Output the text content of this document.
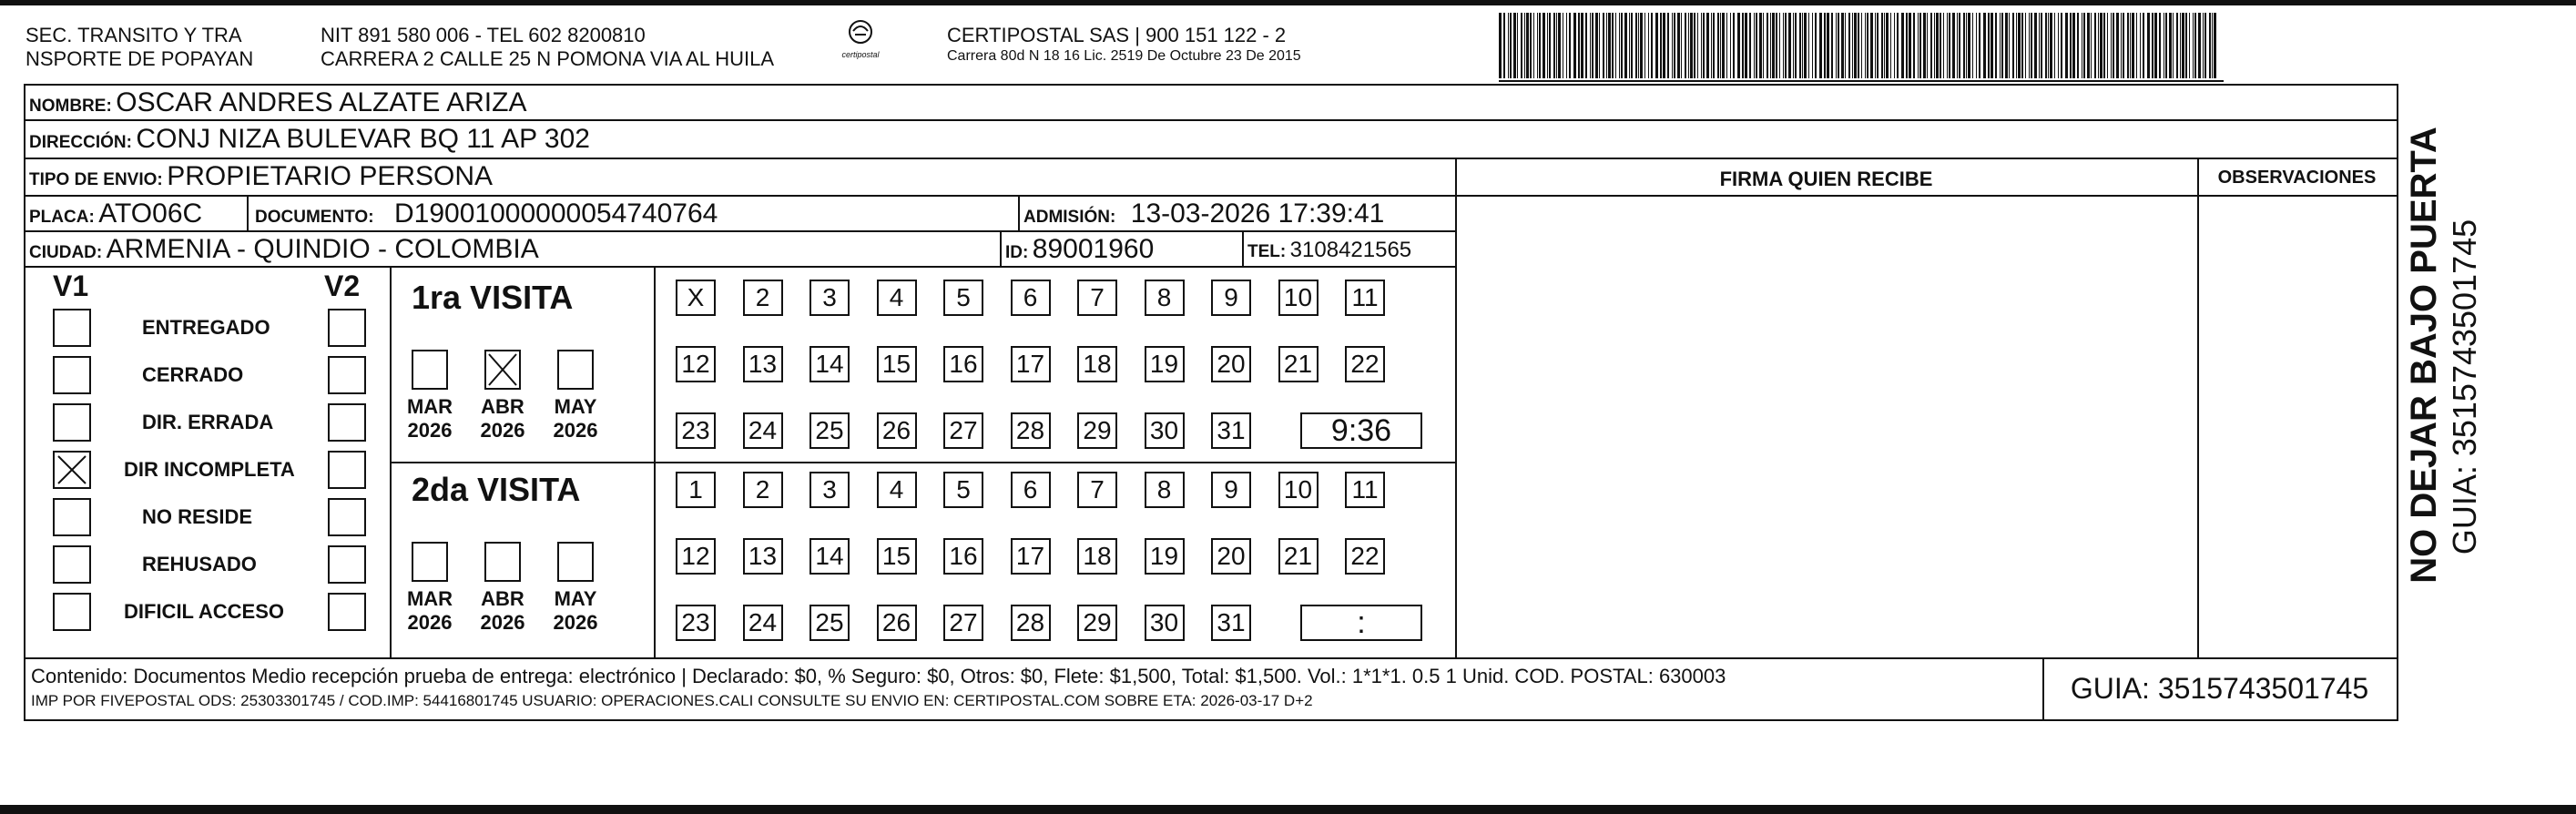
SEC. TRANSITO Y TRA
NSPORTE DE POPAYAN
NIT 891 580 006 - TEL 602 8200810
CARRERA 2 CALLE 25 N POMONA VIA AL HUILA	certipostal
CERTIPOSTAL SAS | 900 151 122 - 2
Carrera 80d N 18 16 Lic. 2519 De Octubre 23 De 2015
NOMBRE: OSCAR ANDRES ALZATE ARIZA
DIRECCIÓN: CONJ NIZA BULEVAR BQ 11 AP 302
TIPO DE ENVIO: PROPIETARIO PERSONA	FIRMA QUIEN RECIBE	OBSERVACIONES
PLACA: ATO06C	DOCUMENTO: D19001000000054740764	ADMISIÓN: 13-03-2026 17:39:41
CIUDAD: ARMENIA - QUINDIO - COLOMBIA	ID: 89001960	TEL: 3108421565
V1	V2
ENTREGADO
CERRADO
DIR. ERRADA
DIR INCOMPLETA
NO RESIDE
REHUSADO
DIFICIL ACCESO
1ra VISITA
MAR
2026
ABR
2026
MAY
2026
X	2	3	4	5	6	7	8	9	10 11
12 13 14 15 16 17 18 19 20 21 22
23 24 25 26 27 28 29 30 31	9:36
2da VISITA
MAR
2026
ABR
2026
MAY
2026
1	2	3	4	5	6	7	8	9	10 11
12 13 14 15 16 17 18 19 20 21 22
23 24 25 26 27 28 29 30 31	:
Contenido: Documentos Medio recepción prueba de entrega: electrónico | Declarado: $0, % Seguro: $0, Otros: $0, Flete: $1,500, Total: $1,500. Vol.: 1*1*1. 0.5 1 Unid. COD. POSTAL: 630003
IMP POR FIVEPOSTAL ODS: 25303301745 / COD.IMP: 54416801745 USUARIO: OPERACIONES.CALI CONSULTE SU ENVIO EN: CERTIPOSTAL.COM SOBRE ETA: 2026-03-17 D+2	GUIA: 3515743501745
NO DEJAR BAJO PUERTA GUIA: 3515743501745
